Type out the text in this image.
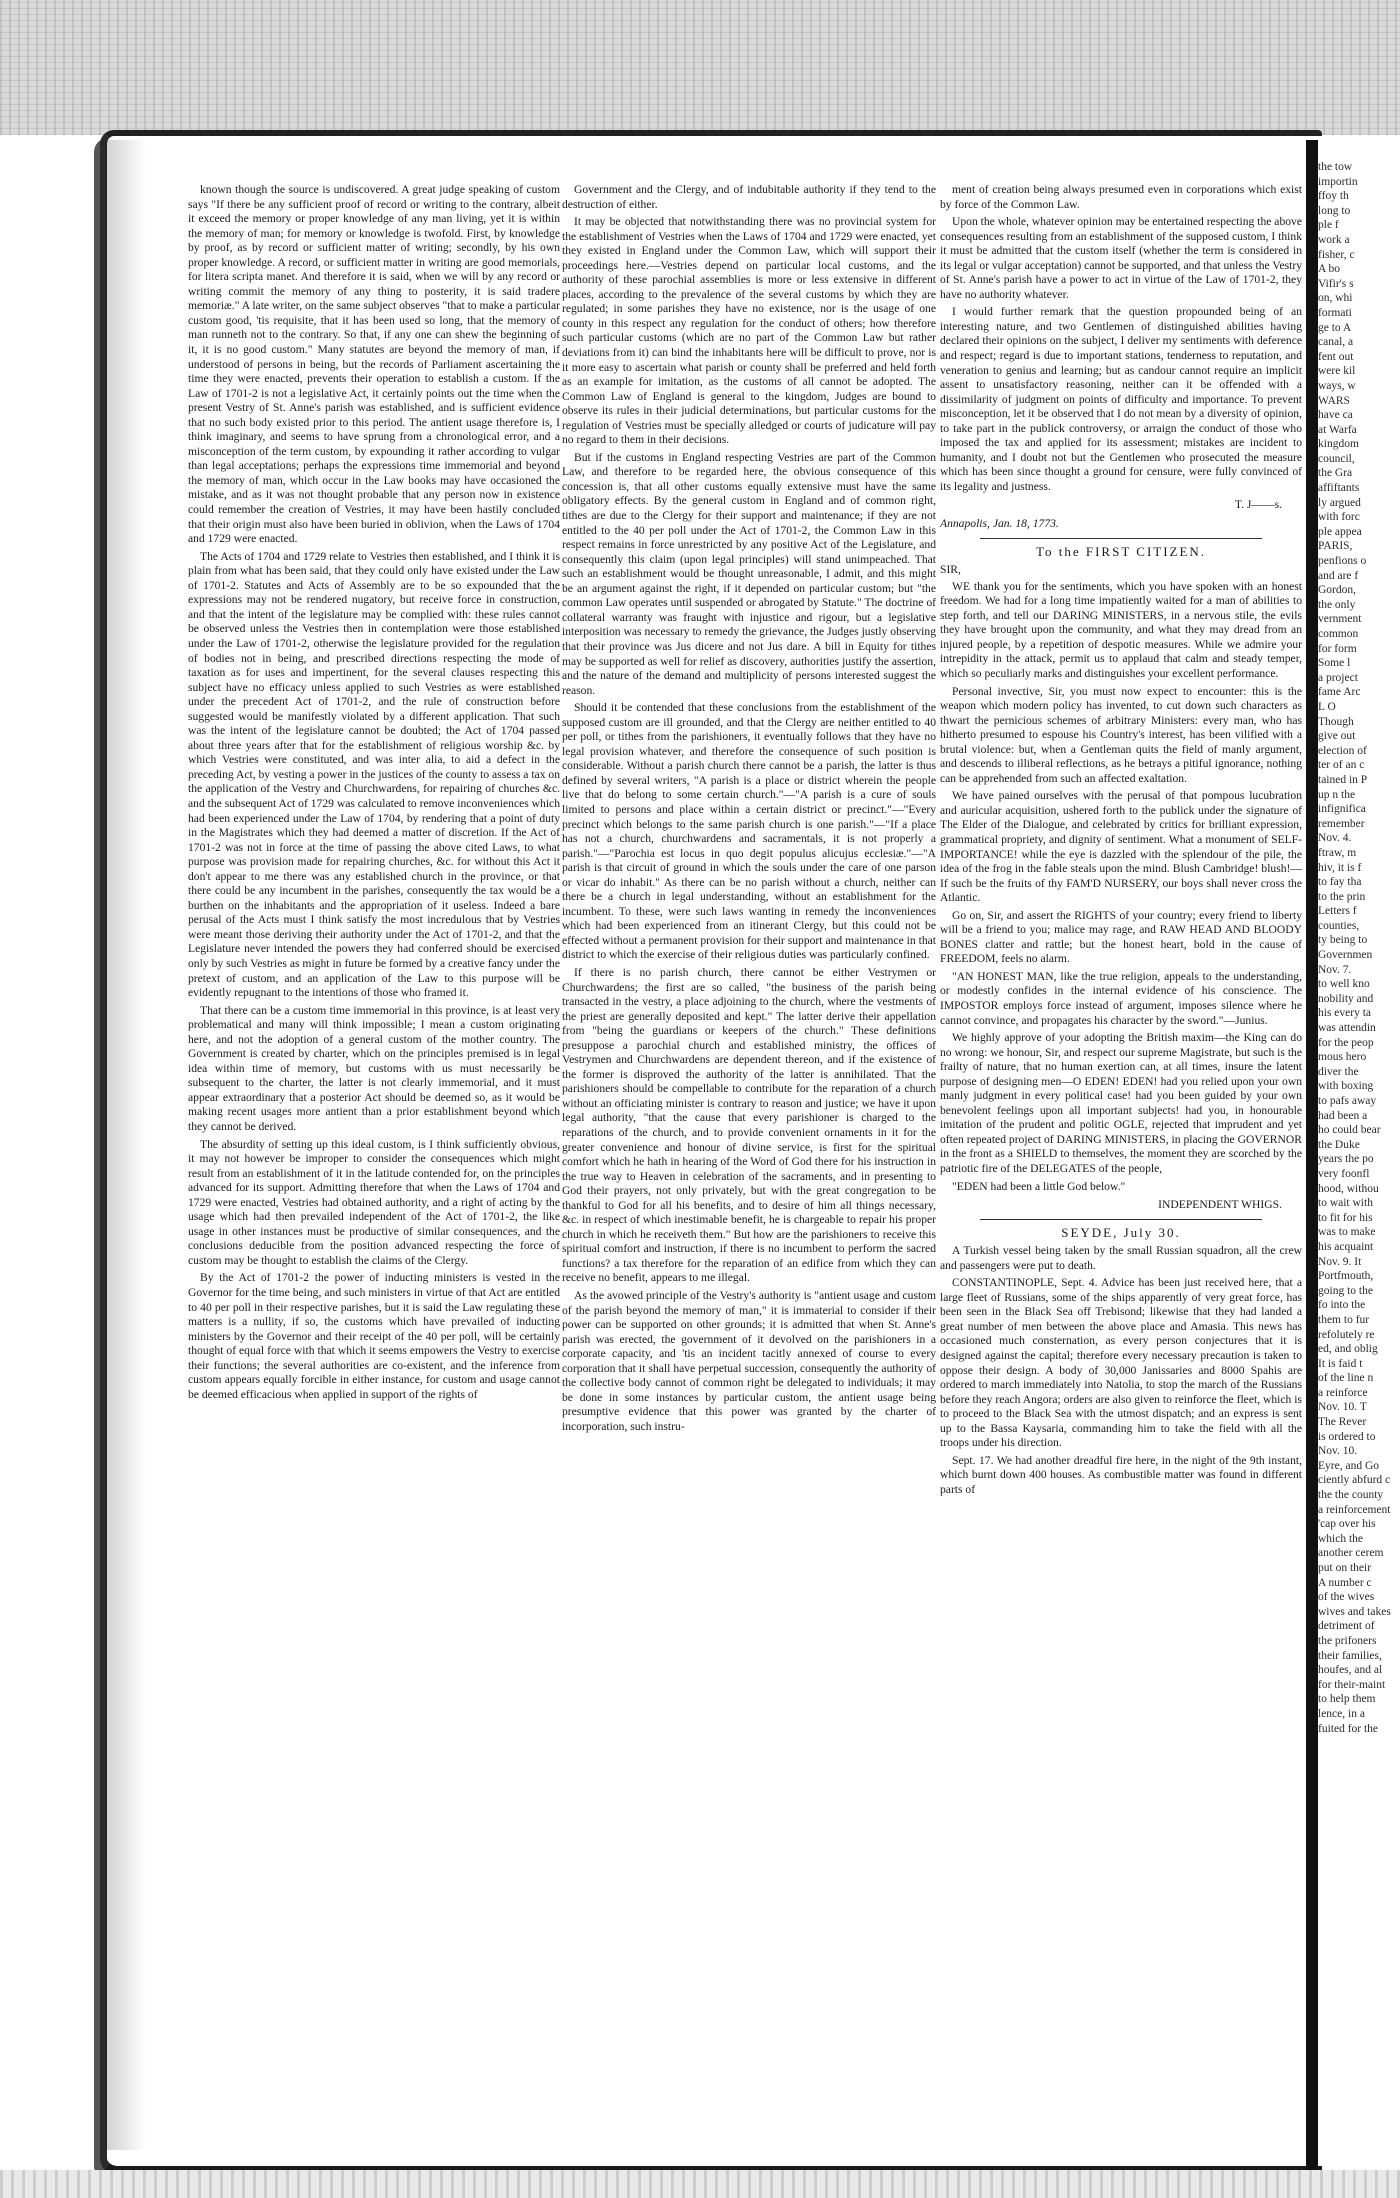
known though the source is undiscovered. A great judge speaking of custom says "If there be any sufficient proof of record or writing to the contrary, albeit it exceed the memory or proper knowledge of any man living, yet it is within the memory of man; for memory or knowledge is twofold. First, by knowledge by proof, as by record or sufficient matter of writing; secondly, by his own proper knowledge. A record, or sufficient matter in writing are good memorials, for litera scripta manet. And therefore it is said, when we will by any record or writing commit the memory of any thing to posterity, it is said tradere memoriæ." A late writer, on the same subject observes "that to make a particular custom good, 'tis requisite, that it has been used so long, that the memory of man runneth not to the contrary. So that, if any one can shew the beginning of it, it is no good custom." Many statutes are beyond the memory of man, if understood of persons in being, but the records of Parliament ascertaining the time they were enacted, prevents their operation to establish a custom. If the Law of 1701-2 is not a legislative Act, it certainly points out the time when the present Vestry of St. Anne's parish was established, and is sufficient evidence that no such body existed prior to this period. The antient usage therefore is, I think imaginary, and seems to have sprung from a chronological error, and a misconception of the term custom, by expounding it rather according to vulgar than legal acceptations; perhaps the expressions time immemorial and beyond the memory of man, which occur in the Law books may have occasioned the mistake, and as it was not thought probable that any person now in existence could remember the creation of Vestries, it may have been hastily concluded that their origin must also have been buried in oblivion, when the Laws of 1704 and 1729 were enacted.

The Acts of 1704 and 1729 relate to Vestries then established, and I think it is plain from what has been said, that they could only have existed under the Law of 1701-2. Statutes and Acts of Assembly are to be so expounded that the expressions may not be rendered nugatory, but receive force in construction, and that the intent of the legislature may be complied with: these rules cannot be observed unless the Vestries then in contemplation were those established under the Law of 1701-2, otherwise the legislature provided for the regulation of bodies not in being, and prescribed directions respecting the mode of taxation as for uses and impertinent, for the several clauses respecting this subject have no efficacy unless applied to such Vestries as were established under the precedent Act of 1701-2, and the rule of construction before suggested would be manifestly violated by a different application. That such was the intent of the legislature cannot be doubted; the Act of 1704 passed about three years after that for the establishment of religious worship &c. by which Vestries were constituted, and was inter alia, to aid a defect in the preceding Act, by vesting a power in the justices of the county to assess a tax on the application of the Vestry and Churchwardens, for repairing of churches &c. and the subsequent Act of 1729 was calculated to remove inconveniences which had been experienced under the Law of 1704, by rendering that a point of duty in the Magistrates which they had deemed a matter of discretion. If the Act of 1701-2 was not in force at the time of passing the above cited Laws, to what purpose was provision made for repairing churches, &c. for without this Act it don't appear to me there was any established church in the province, or that there could be any incumbent in the parishes, consequently the tax would be a burthen on the inhabitants and the appropriation of it useless. Indeed a bare perusal of the Acts must I think satisfy the most incredulous that by Vestries were meant those deriving their authority under the Act of 1701-2, and that the Legislature never intended the powers they had conferred should be exercised only by such Vestries as might in future be formed by a creative fancy under the pretext of custom, and an application of the Law to this purpose will be evidently repugnant to the intentions of those who framed it.

That there can be a custom time immemorial in this province, is at least very problematical and many will think impossible; I mean a custom originating here, and not the adoption of a general custom of the mother country. The Government is created by charter, which on the principles premised is in legal idea within time of memory, but customs with us must necessarily be subsequent to the charter, the latter is not clearly immemorial, and it must appear extraordinary that a posterior Act should be deemed so, as it would be making recent usages more antient than a prior establishment beyond which they cannot be derived.

The absurdity of setting up this ideal custom, is I think sufficiently obvious, it may not however be improper to consider the consequences which might result from an establishment of it in the latitude contended for, on the principles advanced for its support. Admitting therefore that when the Laws of 1704 and 1729 were enacted, Vestries had obtained authority, and a right of acting by the usage which had then prevailed independent of the Act of 1701-2, the like usage in other instances must be productive of similar consequences, and the conclusions deducible from the position advanced respecting the force of custom may be thought to establish the claims of the Clergy.

By the Act of 1701-2 the power of inducting ministers is vested in the Governor for the time being, and such ministers in virtue of that Act are entitled to 40 per poll in their respective parishes, but it is said the Law regulating these matters is a nullity, if so, the customs which have prevailed of inducting ministers by the Governor and their receipt of the 40 per poll, will be certainly thought of equal force with that which it seems empowers the Vestry to exercise their functions; the several authorities are co-existent, and the inference from custom appears equally forcible in either instance, for custom and usage cannot be deemed efficacious when applied in support of the rights of

Government and the Clergy, and of indubitable authority if they tend to the destruction of either.

It may be objected that notwithstanding there was no provincial system for the establishment of Vestries when the Laws of 1704 and 1729 were enacted, yet they existed in England under the Common Law, which will support their proceedings here.—Vestries depend on particular local customs, and the authority of these parochial assemblies is more or less extensive in different places, according to the prevalence of the several customs by which they are regulated; in some parishes they have no existence, nor is the usage of one county in this respect any regulation for the conduct of others; how therefore such particular customs (which are no part of the Common Law but rather deviations from it) can bind the inhabitants here will be difficult to prove, nor is it more easy to ascertain what parish or county shall be preferred and held forth as an example for imitation, as the customs of all cannot be adopted. The Common Law of England is general to the kingdom, Judges are bound to observe its rules in their judicial determinations, but particular customs for the regulation of Vestries must be specially alledged or courts of judicature will pay no regard to them in their decisions.

But if the customs in England respecting Vestries are part of the Common Law, and therefore to be regarded here, the obvious consequence of this concession is, that all other customs equally extensive must have the same obligatory effects. By the general custom in England and of common right, tithes are due to the Clergy for their support and maintenance; if they are not entitled to the 40 per poll under the Act of 1701-2, the Common Law in this respect remains in force unrestricted by any positive Act of the Legislature, and consequently this claim (upon legal principles) will stand unimpeached. That such an establishment would be thought unreasonable, I admit, and this might be an argument against the right, if it depended on particular custom; but "the common Law operates until suspended or abrogated by Statute." The doctrine of collateral warranty was fraught with injustice and rigour, but a legislative interposition was necessary to remedy the grievance, the Judges justly observing that their province was Jus dicere and not Jus dare. A bill in Equity for tithes may be supported as well for relief as discovery, authorities justify the assertion, and the nature of the demand and multiplicity of persons interested suggest the reason.

Should it be contended that these conclusions from the establishment of the supposed custom are ill grounded, and that the Clergy are neither entitled to 40 per poll, or tithes from the parishioners, it eventually follows that they have no legal provision whatever, and therefore the consequence of such position is considerable. Without a parish church there cannot be a parish, the latter is thus defined by several writers, "A parish is a place or district wherein the people live that do belong to some certain church."—"A parish is a cure of souls limited to persons and place within a certain district or precinct."—"Every precinct which belongs to the same parish church is one parish."—"If a place has not a church, churchwardens and sacramentals, it is not properly a parish."—"Parochia est locus in quo degit populus alicujus ecclesiæ."—"A parish is that circuit of ground in which the souls under the care of one parson or vicar do inhabit." As there can be no parish without a church, neither can there be a church in legal understanding, without an establishment for the incumbent. To these, were such laws wanting in remedy the inconveniences which had been experienced from an itinerant Clergy, but this could not be effected without a permanent provision for their support and maintenance in that district to which the exercise of their religious duties was particularly confined.

If there is no parish church, there cannot be either Vestrymen or Churchwardens; the first are so called, "the business of the parish being transacted in the vestry, a place adjoining to the church, where the vestments of the priest are generally deposited and kept." The latter derive their appellation from "being the guardians or keepers of the church." These definitions presuppose a parochial church and established ministry, the offices of Vestrymen and Churchwardens are dependent thereon, and if the existence of the former is disproved the authority of the latter is annihilated. That the parishioners should be compellable to contribute for the reparation of a church without an officiating minister is contrary to reason and justice; we have it upon legal authority, "that the cause that every parishioner is charged to the reparations of the church, and to provide convenient ornaments in it for the greater convenience and honour of divine service, is first for the spiritual comfort which he hath in hearing of the Word of God there for his instruction in the true way to Heaven in celebration of the sacraments, and in presenting to God their prayers, not only privately, but with the great congregation to be thankful to God for all his benefits, and to desire of him all things necessary, &c. in respect of which inestimable benefit, he is chargeable to repair his proper church in which he receiveth them." But how are the parishioners to receive this spiritual comfort and instruction, if there is no incumbent to perform the sacred functions? a tax therefore for the reparation of an edifice from which they can receive no benefit, appears to me illegal.

As the avowed principle of the Vestry's authority is "antient usage and custom of the parish beyond the memory of man," it is immaterial to consider if their power can be supported on other grounds; it is admitted that when St. Anne's parish was erected, the government of it devolved on the parishioners in a corporate capacity, and 'tis an incident tacitly annexed of course to every corporation that it shall have perpetual succession, consequently the authority of the collective body cannot of common right be delegated to individuals; it may be done in some instances by particular custom, the antient usage being presumptive evidence that this power was granted by the charter of incorporation, such instru-

ment of creation being always presumed even in corporations which exist by force of the Common Law.

Upon the whole, whatever opinion may be entertained respecting the above consequences resulting from an establishment of the supposed custom, I think it must be admitted that the custom itself (whether the term is considered in its legal or vulgar acceptation) cannot be supported, and that unless the Vestry of St. Anne's parish have a power to act in virtue of the Law of 1701-2, they have no authority whatever.

I would further remark that the question propounded being of an interesting nature, and two Gentlemen of distinguished abilities having declared their opinions on the subject, I deliver my sentiments with deference and respect; regard is due to important stations, tenderness to reputation, and veneration to genius and learning; but as candour cannot require an implicit assent to unsatisfactory reasoning, neither can it be offended with a dissimilarity of judgment on points of difficulty and importance. To prevent misconception, let it be observed that I do not mean by a diversity of opinion, to take part in the publick controversy, or arraign the conduct of those who imposed the tax and applied for its assessment; mistakes are incident to humanity, and I doubt not but the Gentlemen who prosecuted the measure which has been since thought a ground for censure, were fully convinced of its legality and justness.

T. J——s.

Annapolis, Jan. 18, 1773.

To the FIRST CITIZEN.

SIR,

WE thank you for the sentiments, which you have spoken with an honest freedom. We had for a long time impatiently waited for a man of abilities to step forth, and tell our DARING MINISTERS, in a nervous stile, the evils they have brought upon the community, and what they may dread from an injured people, by a repetition of despotic measures. While we admire your intrepidity in the attack, permit us to applaud that calm and steady temper, which so peculiarly marks and distinguishes your excellent performance.

Personal invective, Sir, you must now expect to encounter: this is the weapon which modern policy has invented, to cut down such characters as thwart the pernicious schemes of arbitrary Ministers: every man, who has hitherto presumed to espouse his Country's interest, has been vilified with a brutal violence: but, when a Gentleman quits the field of manly argument, and descends to illiberal reflections, as he betrays a pitiful ignorance, nothing can be apprehended from such an affected exaltation.

We have pained ourselves with the perusal of that pompous lucubration and auricular acquisition, ushered forth to the publick under the signature of The Elder of the Dialogue, and celebrated by critics for brilliant expression, grammatical propriety, and dignity of sentiment. What a monument of SELF-IMPORTANCE! while the eye is dazzled with the splendour of the pile, the idea of the frog in the fable steals upon the mind. Blush Cambridge! blush!—If such be the fruits of thy FAM'D NURSERY, our boys shall never cross the Atlantic.

Go on, Sir, and assert the RIGHTS of your country; every friend to liberty will be a friend to you; malice may rage, and RAW HEAD AND BLOODY BONES clatter and rattle; but the honest heart, bold in the cause of FREEDOM, feels no alarm.

"AN HONEST MAN, like the true religion, appeals to the understanding, or modestly confides in the internal evidence of his conscience. The IMPOSTOR employs force instead of argument, imposes silence where he cannot convince, and propagates his character by the sword."—Junius.

We highly approve of your adopting the British maxim—the King can do no wrong: we honour, Sir, and respect our supreme Magistrate, but such is the frailty of nature, that no human exertion can, at all times, insure the latent purpose of designing men—O EDEN! EDEN! had you relied upon your own manly judgment in every political case! had you been guided by your own benevolent feelings upon all important subjects! had you, in honourable imitation of the prudent and politic OGLE, rejected that imprudent and yet often repeated project of DARING MINISTERS, in placing the GOVERNOR in the front as a SHIELD to themselves, the moment they are scorched by the patriotic fire of the DELEGATES of the people,

"EDEN had been a little God below."

INDEPENDENT WHIGS.

SEYDE, July 30.

A Turkish vessel being taken by the small Russian squadron, all the crew and passengers were put to death.

CONSTANTINOPLE, Sept. 4. Advice has been just received here, that a large fleet of Russians, some of the ships apparently of very great force, has been seen in the Black Sea off Trebisond; likewise that they had landed a great number of men between the above place and Amasia. This news has occasioned much consternation, as every person conjectures that it is designed against the capital; therefore every necessary precaution is taken to oppose their design. A body of 30,000 Janissaries and 8000 Spahis are ordered to march immediately into Natolia, to stop the march of the Russians before they reach Angora; orders are also given to reinforce the fleet, which is to proceed to the Black Sea with the utmost dispatch; and an express is sent up to the Bassa Kaysaria, commanding him to take the field with all the troops under his direction.

Sept. 17. We had another dreadful fire here, in the night of the 9th instant, which burnt down 400 houses. As combustible matter was found in different parts of

the tow
importin
ffoy th
long to
ple f
work a
fisher, c
A bo
Vifir's s
on, whi
formati
ge to A
canal, a
fent out
were kil
ways, w
WARS
have ca
at Warfa
kingdom
council,
the Gra
affiftants
ly argued
with forc
ple appea
PARIS,
penfions o
and are f
Gordon,
the only
vernment
common
for form
Some l
a project
fame Arc
L O
Though
give out
election of
ter of an c
tained in P
up n the
infignifica
remember
Nov. 4.
ftraw, m
hiv, it is f
to fay tha
to the prin
Letters f
counties,
ty being to
Governmen
Nov. 7.
to well kno
nobility and
his every ta
was attendin
for the peop
mous hero
diver the
with boxing
to pafs away
had been a
ho could bear
the Duke
years the po
very foonfl
hood, withou
to wait with
to fit for his
was to make
his acquaint
Nov. 9. It
Portfmouth,
going to the
fo into the
them to fur
refolutely re
ed, and oblig
It is faid t
of the line n
a reinforce
Nov. 10. T
The Rever
is ordered to
Nov. 10.
Eyre, and Go
ciently abfurd c
the the county
a reinforcement
'cap over his
which the
another cerem
put on their
A number c
of the wives
wives and takes
detriment of
the prifoners
their families,
houfes, and al
for their-maint
to help them
lence, in a
fuited for the
